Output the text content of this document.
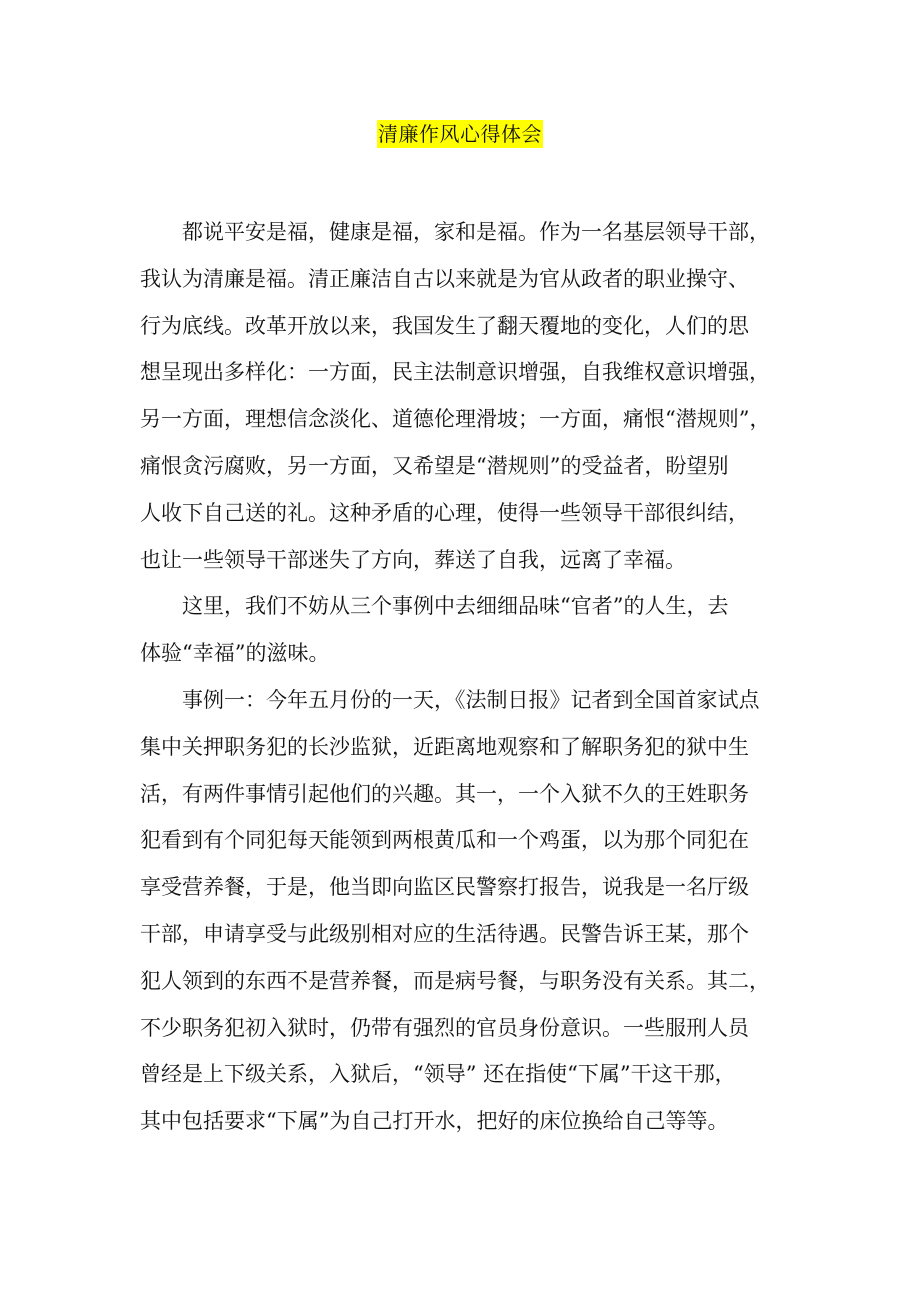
清廉作风心得体会
都说平安是福，健康是福，家和是福。作为一名基层领导干部，
我认为清廉是福。清正廉洁自古以来就是为官从政者的职业操守、
行为底线。改革开放以来，我国发生了翻天覆地的变化，人们的思
想呈现出多样化：一方面，民主法制意识增强，自我维权意识增强，
另一方面，理想信念淡化、道德伦理滑坡；一方面，痛恨“潜规则”，
痛恨贪污腐败，另一方面，又希望是“潜规则”的受益者，盼望别
人收下自己送的礼。这种矛盾的心理，使得一些领导干部很纠结，
也让一些领导干部迷失了方向，葬送了自我，远离了幸福。
这里，我们不妨从三个事例中去细细品味“官者”的人生，去
体验“幸福”的滋味。
事例一：今年五月份的一天，《法制日报》记者到全国首家试点
集中关押职务犯的长沙监狱，近距离地观察和了解职务犯的狱中生
活，有两件事情引起他们的兴趣。其一，一个入狱不久的王姓职务
犯看到有个同犯每天能领到两根黄瓜和一个鸡蛋，以为那个同犯在
享受营养餐，于是，他当即向监区民警察打报告，说我是一名厅级
干部，申请享受与此级别相对应的生活待遇。民警告诉王某，那个
犯人领到的东西不是营养餐，而是病号餐，与职务没有关系。其二，
不少职务犯初入狱时，仍带有强烈的官员身份意识。一些服刑人员
曾经是上下级关系，入狱后，“领导” 还在指使“下属”干这干那，
其中包括要求“下属”为自己打开水，把好的床位换给自己等等。
